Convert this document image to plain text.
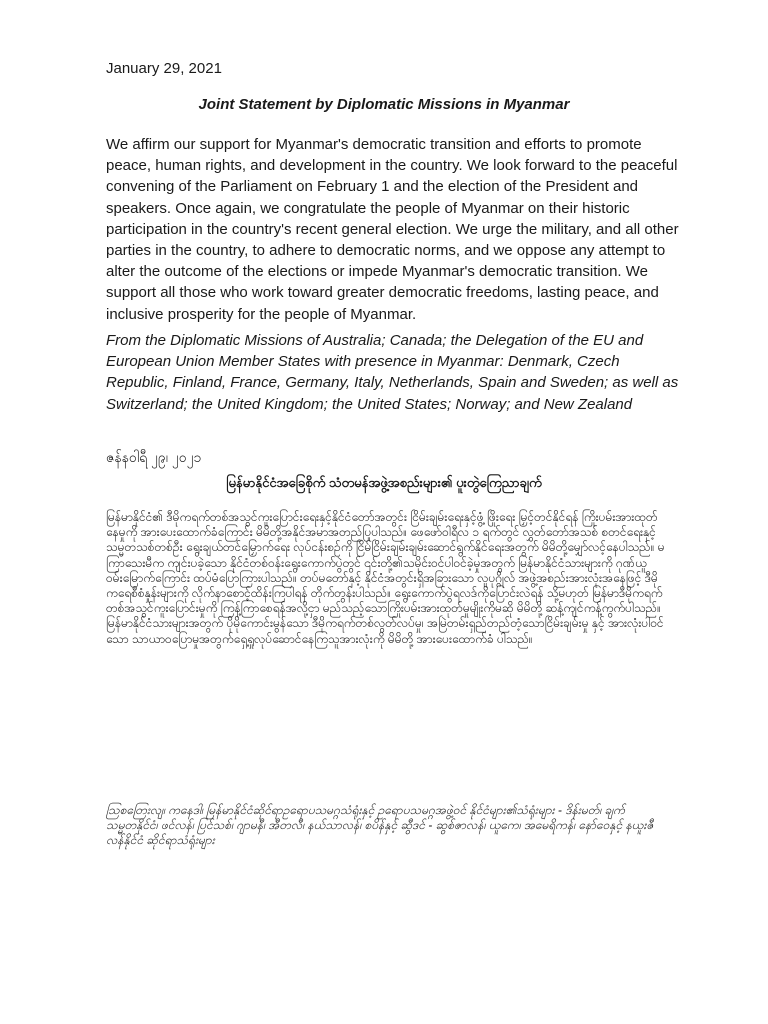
January 29, 2021
Joint Statement by Diplomatic Missions in Myanmar
We affirm our support for Myanmar's democratic transition and efforts to promote peace, human rights, and development in the country. We look forward to the peaceful convening of the Parliament on February 1 and the election of the President and speakers. Once again, we congratulate the people of Myanmar on their historic participation in the country's recent general election. We urge the military, and all other parties in the country, to adhere to democratic norms, and we oppose any attempt to alter the outcome of the elections or impede Myanmar's democratic transition. We support all those who work toward greater democratic freedoms, lasting peace, and inclusive prosperity for the people of Myanmar.
From the Diplomatic Missions of Australia; Canada; the Delegation of the EU and European Union Member States with presence in Myanmar: Denmark, Czech Republic, Finland, France, Germany, Italy, Netherlands, Spain and Sweden; as well as Switzerland; the United Kingdom; the United States; Norway; and New Zealand
ဇန်နဝါရီ ၂၉၊ ၂၀၂၁
မြန်မာနိုင်ငံအခြေစိုက် သံတမန်အဖွဲ့အစည်းများ၏ ပူးတွဲကြေညာချက်
မြန်မာနိုင်ငံ၏ ဒီမိုကရက်တစ်အသွင်ကူးပြောင်းရေးနှင့်နိုင်ငံတော်အတွင်း ငြိမ်းချမ်းရေးနှင့်ဖွံ့ ဖြိုးရေး မြှင့်တင်နိုင်ရန် ကြိုးပမ်းအားထုတ်နေမှုကို အားပေးထောက်ခံကြောင်း မိမိတို့အနိုင်အမာအတည်ပြုပါသည်။ ဖေဖော်ဝါရီလ ၁ ရက်တွင် လွှတ်တော်အသစ် စတင်ရေးနှင့် သမ္မတသစ်တစ်ဦး ရွေးချယ်တင်မြှောက်ရေး လုပ်ငန်းစဉ်ကို ငြိမ်ငြိမ်းချမ်းချမ်းဆောင်ရွက်နိုင်ရေးအတွက် မိမိတို့မျှော်လင့်နေပါသည်။ မကြာသေးမီက ကျင်းပခဲ့သော နိုင်ငံတစ်ဝန်းရွေးကောက်ပွဲတွင် ၎င်းတို့၏သမိုင်းဝင်ပါဝင်ခဲ့မှုအတွက် မြန်မာနိုင်ငံသားများကို ဂုဏ်ယူဝမ်းမြောက်ကြောင်း ထပ်မံပြောကြားပါသည်။ တပ်မတော်နှင့် နိုင်ငံအတွင်းရှိအခြားသော လူပုဂ္ဂိုလ် အဖွဲ့အစည်းအားလုံးအနေဖြင့် ဒီမိုကရေစီစံနှုန်းများကို လိုက်နာစောင့်ထိန်းကြပါရန် တိုက်တွန်းပါသည်။ ရွေးကောက်ပွဲရလဒ်ကိုပြောင်းလဲရန် သို့မဟုတ် မြန်မာဒီမိုကရက်တစ်အသွင်ကူးပြောင်းမှုကို ကြန့်ကြာစေရန်အလို့ငှာ မည်သည့်သောကြိုးပမ်းအားထုတ်မှုမျိုးကိုမဆို မိမိတို့ ဆန့်ကျင်ကန့်ကွက်ပါသည်။ မြန်မာနိုင်ငံသားများအတွက် ပိုမိုကောင်းမွန်သော ဒီမိုကရက်တစ်လွတ်လပ်မှု၊ အမြဲတမ်းရှည်တည်တံ့သောငြိမ်းချမ်းမှု နှင့် အားလုံးပါဝင်သော သာယာဝပြောမှုအတွက်ရှေ့ရှုလုပ်ဆောင်နေကြသူအားလုံးကို မိမိတို့ အားပေးထောက်ခံ ပါသည်။
ဩစတြေးလျ၊ ကနေဒါ၊ မြန်မာနိုင်ငံဆိုင်ရာဥရောပသမဂ္ဂသံရုံးနှင့် ဥရောပသမဂ္ဂအဖွဲ့ဝင် နိုင်ငံများ၏သံရုံးများ - ဒိန်းမတ်၊ ချက်သမ္မတနိုင်ငံ၊ ဖင်လန်၊ ပြင်သစ်၊ ဂျာမနီ၊ အီတလီ၊ နယ်သာလန်၊ စပိန်နှင့် ဆွီဒင် - ဆွစ်ဇာလန်၊ ယူကေ၊ အမေရိကန်၊ နော်ဝေနှင့် နယူးဇီလန်နိုင်ငံ ဆိုင်ရာသံရုံးများ
